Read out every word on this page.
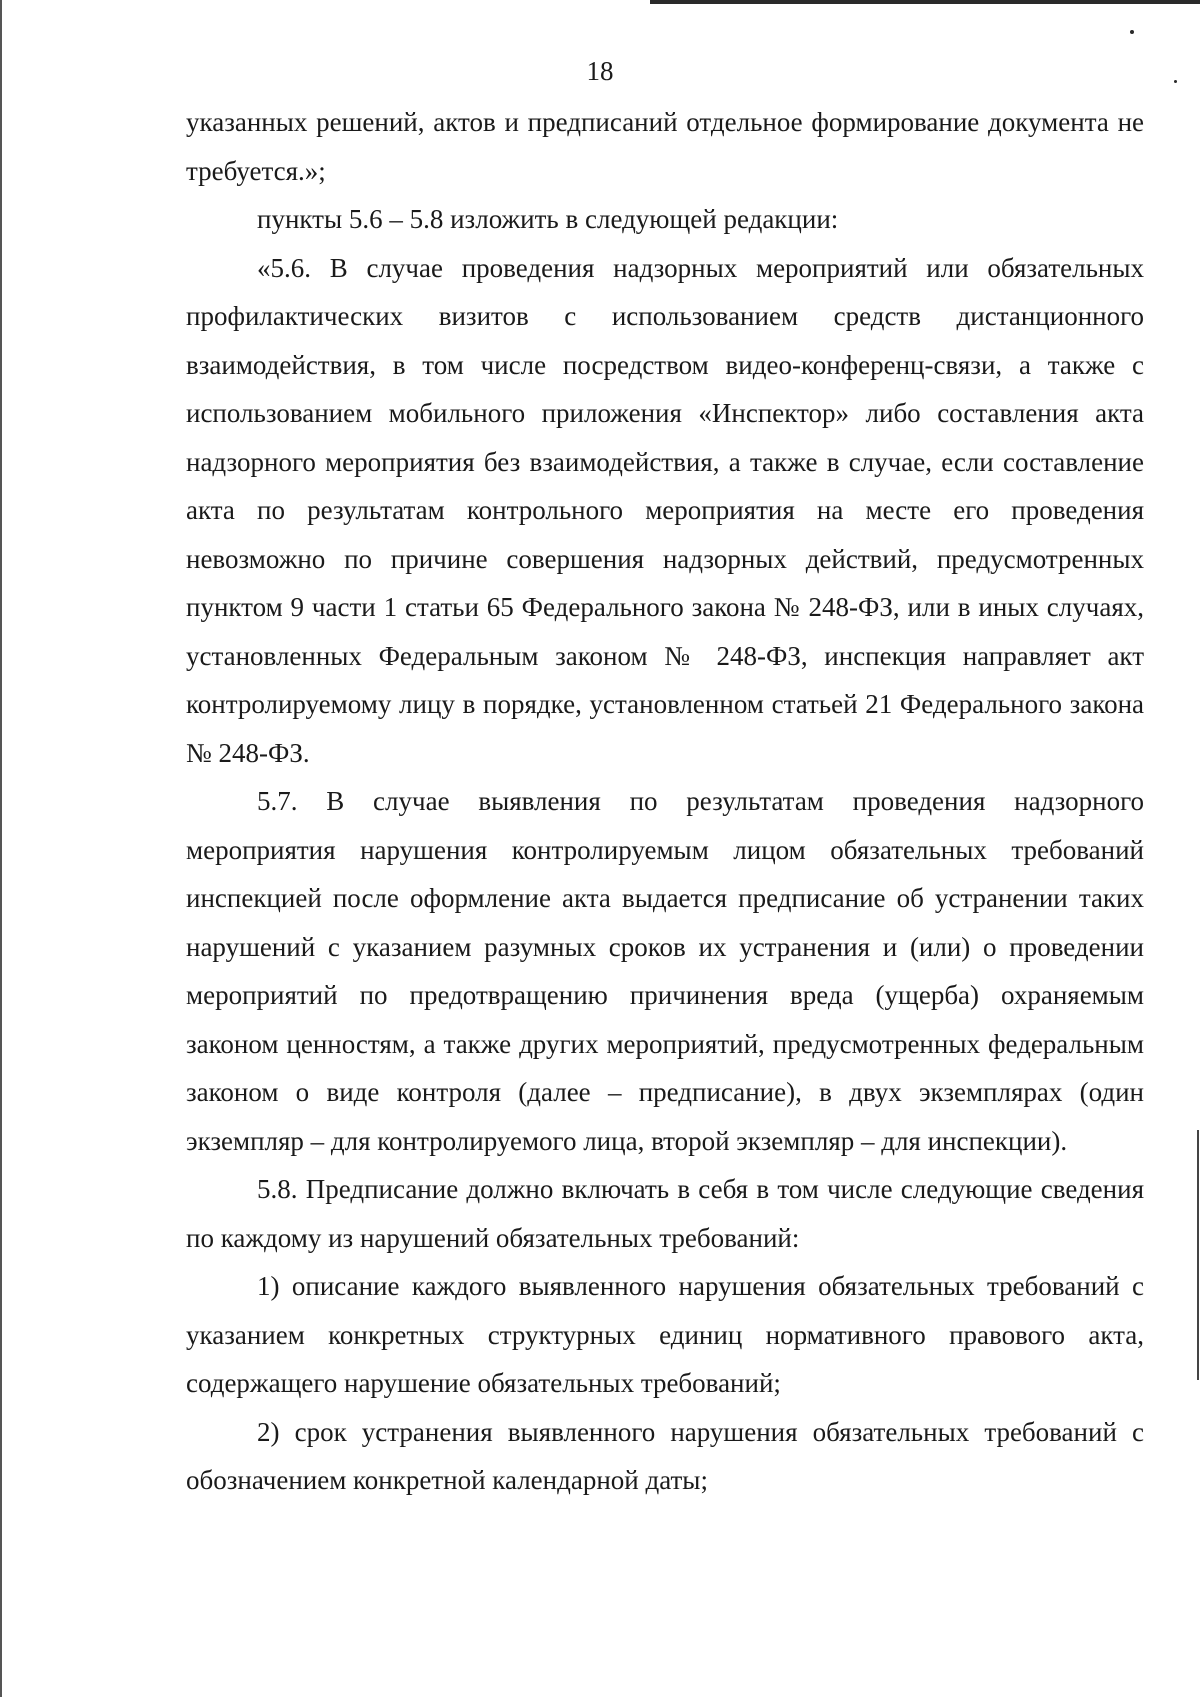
18

указанных решений, актов и предписаний отдельное формирование документа не требуется.»;

пункты 5.6 – 5.8 изложить в следующей редакции:

«5.6. В случае проведения надзорных мероприятий или обязательных профилактических визитов с использованием средств дистанционного взаимодействия, в том числе посредством видео-конференц-связи, а также с использованием мобильного приложения «Инспектор» либо составления акта надзорного мероприятия без взаимодействия, а также в случае, если составление акта по результатам контрольного мероприятия на месте его проведения невозможно по причине совершения надзорных действий, предусмотренных пунктом 9 части 1 статьи 65 Федерального закона № 248-ФЗ, или в иных случаях, установленных Федеральным законом № 248-ФЗ, инспекция направляет акт контролируемому лицу в порядке, установленном статьей 21 Федерального закона № 248-ФЗ.

5.7. В случае выявления по результатам проведения надзорного мероприятия нарушения контролируемым лицом обязательных требований инспекцией после оформление акта выдается предписание об устранении таких нарушений с указанием разумных сроков их устранения и (или) о проведении мероприятий по предотвращению причинения вреда (ущерба) охраняемым законом ценностям, а также других мероприятий, предусмотренных федеральным законом о виде контроля (далее – предписание), в двух экземплярах (один экземпляр – для контролируемого лица, второй экземпляр – для инспекции).

5.8. Предписание должно включать в себя в том числе следующие сведения по каждому из нарушений обязательных требований:

1) описание каждого выявленного нарушения обязательных требований с указанием конкретных структурных единиц нормативного правового акта, содержащего нарушение обязательных требований;

2) срок устранения выявленного нарушения обязательных требований с обозначением конкретной календарной даты;
